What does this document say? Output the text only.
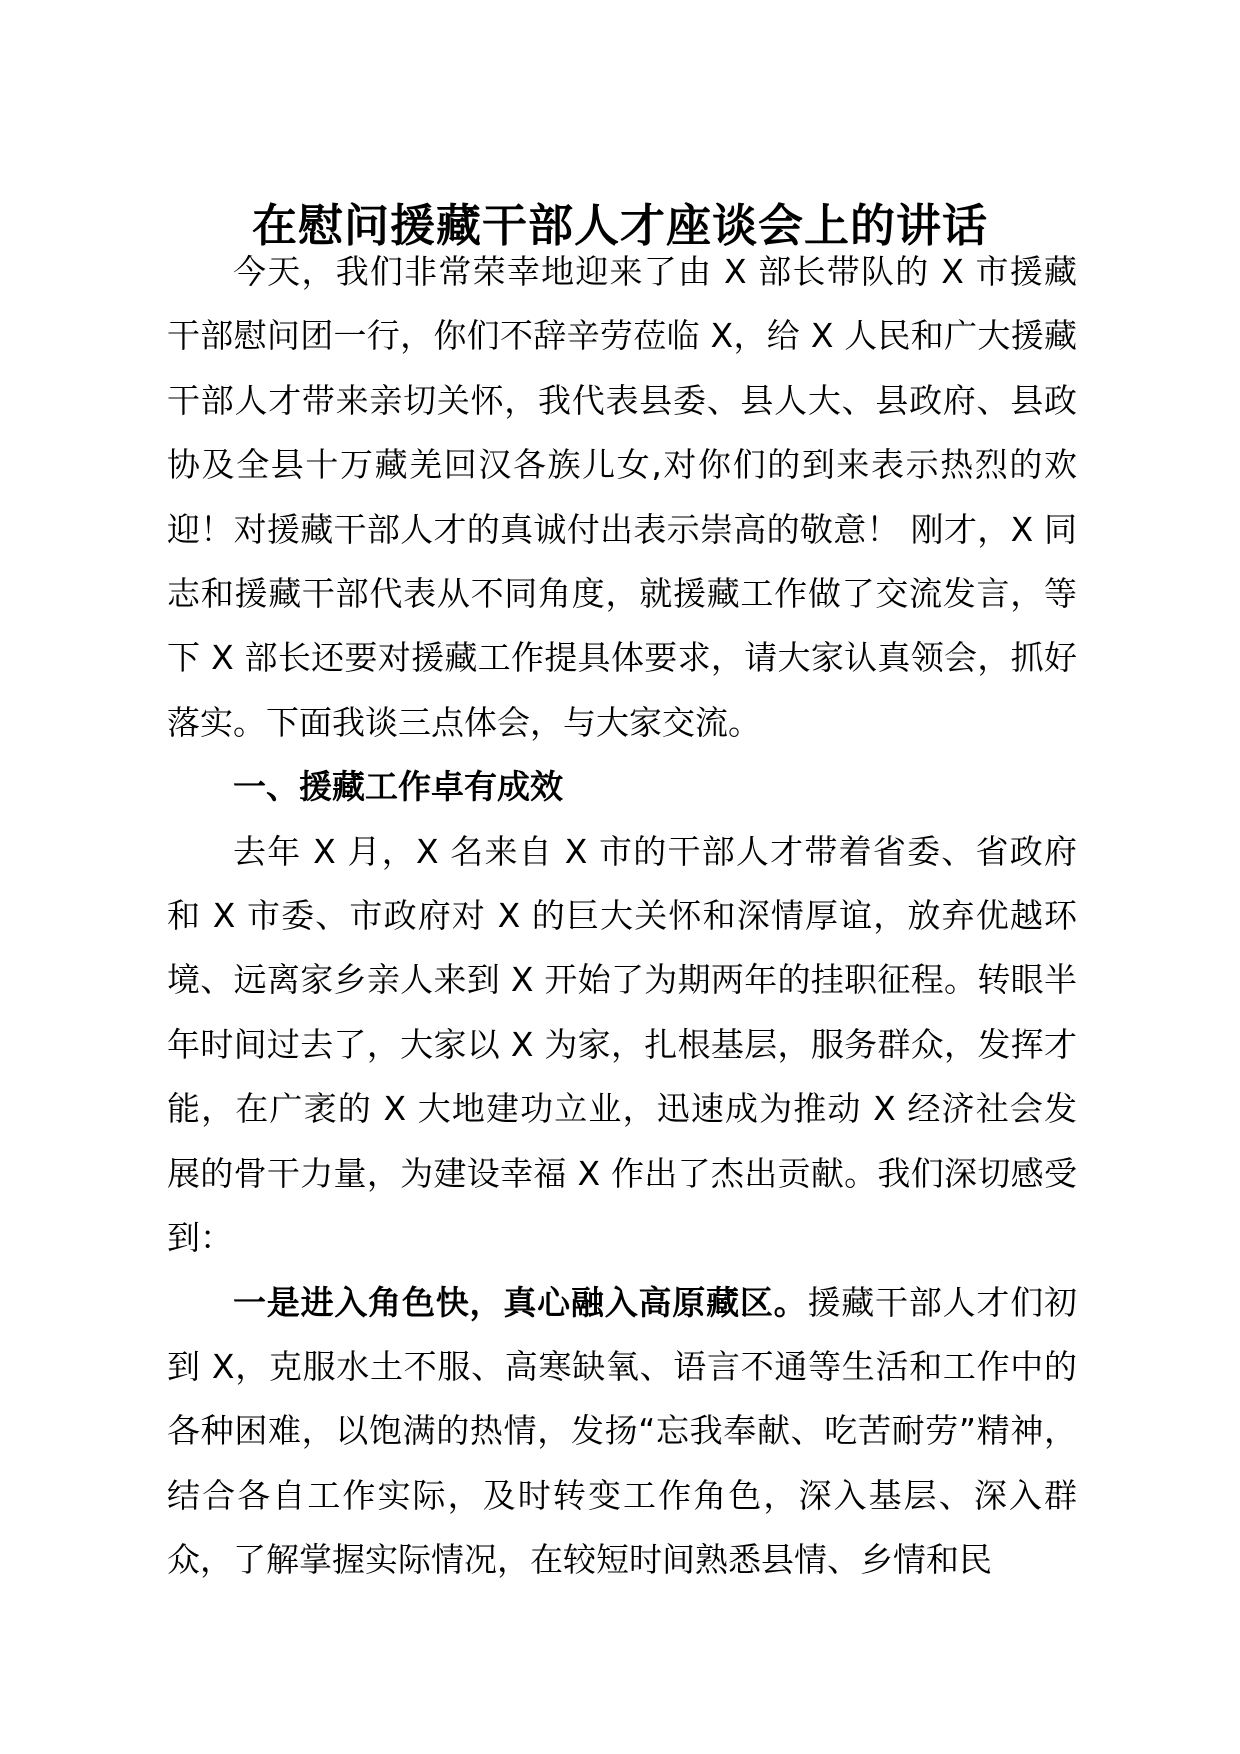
在慰问援藏干部人才座谈会上的讲话

今天，我们非常荣幸地迎来了由 X 部长带队的 X 市援藏干部慰问团一行，你们不辞辛劳莅临 X，给 X 人民和广大援藏干部人才带来亲切关怀，我代表县委、县人大、县政府、县政协及全县十万藏羌回汉各族儿女,对你们的到来表示热烈的欢迎！对援藏干部人才的真诚付出表示崇高的敬意！ 刚才，X 同志和援藏干部代表从不同角度，就援藏工作做了交流发言，等下 X 部长还要对援藏工作提具体要求，请大家认真领会，抓好落实。下面我谈三点体会，与大家交流。

一、援藏工作卓有成效

去年 X 月，X 名来自 X 市的干部人才带着省委、省政府和 X 市委、市政府对 X 的巨大关怀和深情厚谊，放弃优越环境、远离家乡亲人来到 X 开始了为期两年的挂职征程。转眼半年时间过去了，大家以 X 为家，扎根基层，服务群众，发挥才能，在广袤的 X 大地建功立业，迅速成为推动 X 经济社会发展的骨干力量，为建设幸福 X 作出了杰出贡献。我们深切感受到：

一是进入角色快，真心融入高原藏区。援藏干部人才们初到 X，克服水土不服、高寒缺氧、语言不通等生活和工作中的各种困难，以饱满的热情，发扬“忘我奉献、吃苦耐劳”精神，结合各自工作实际，及时转变工作角色，深入基层、深入群众，了解掌握实际情况，在较短时间熟悉县情、乡情和民
